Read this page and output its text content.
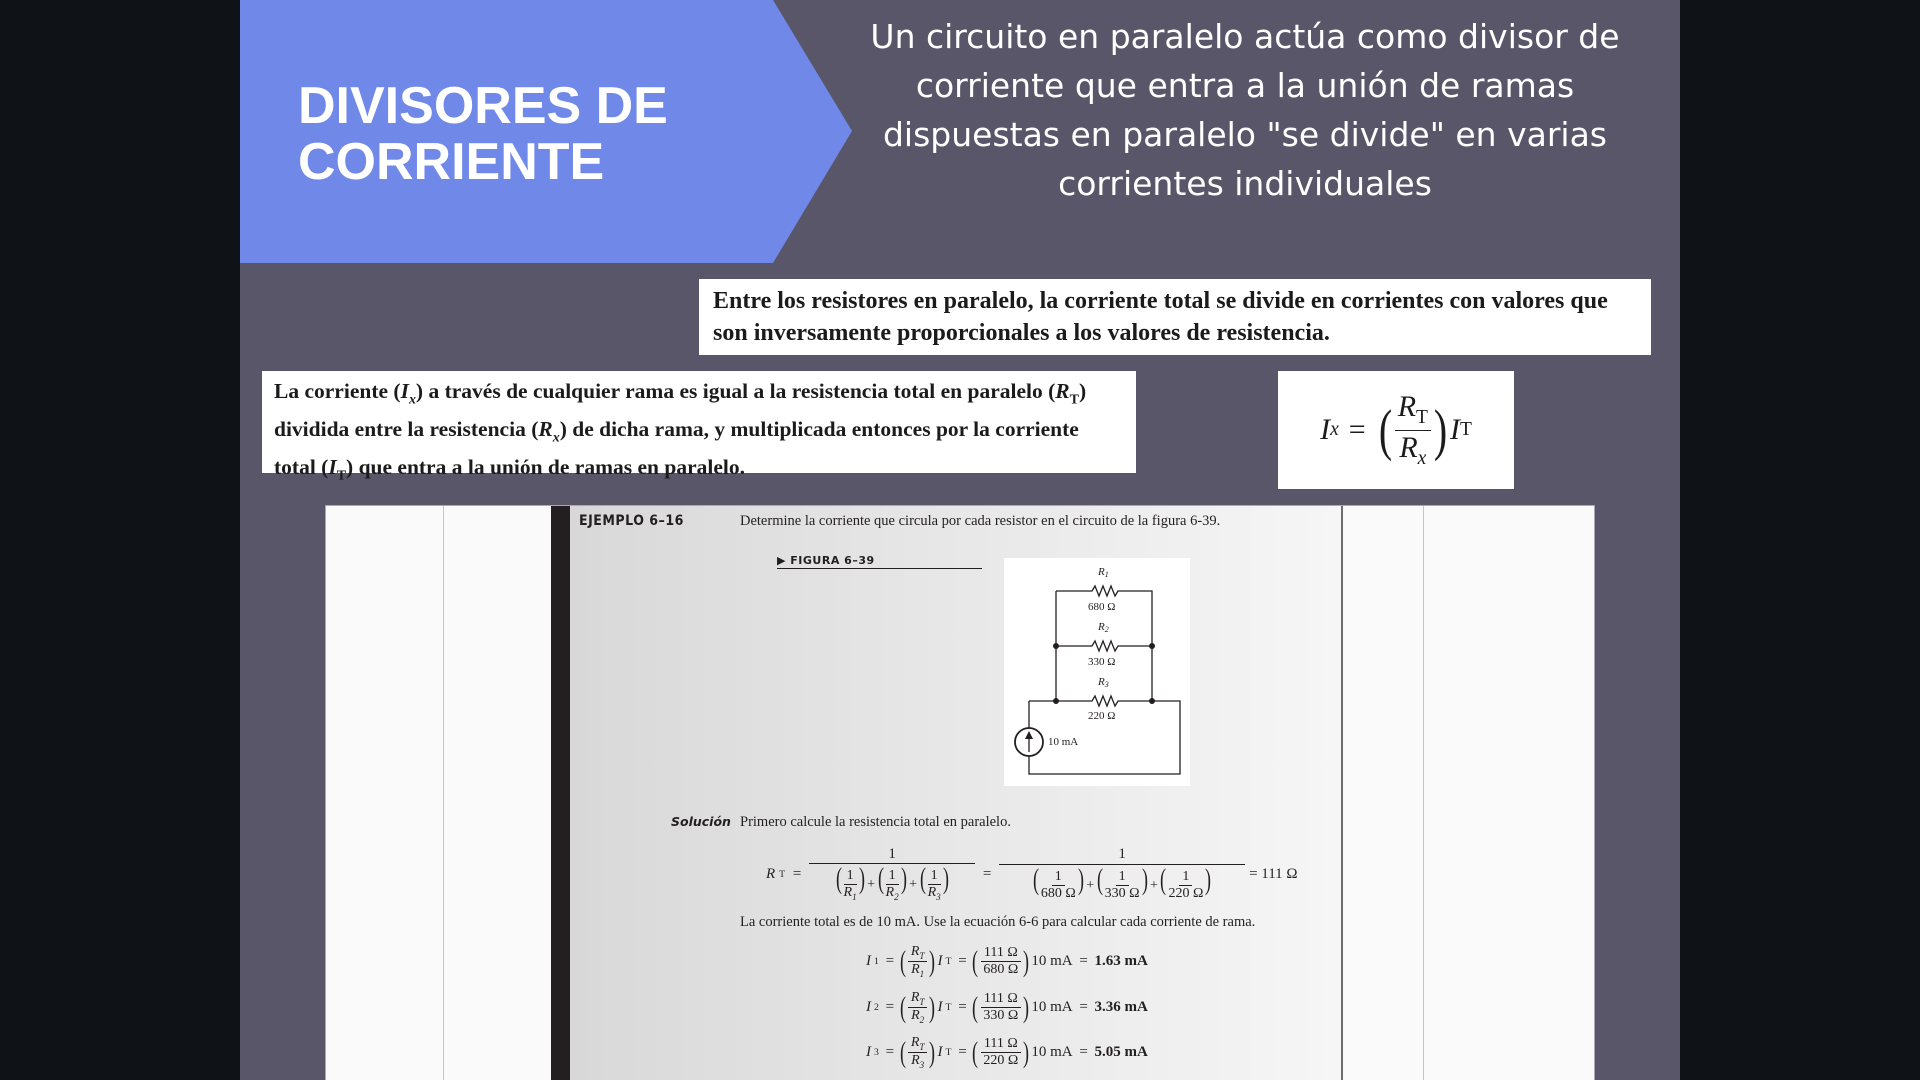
DIVISORES DE
CORRIENTE
Un circuito en paralelo actúa como divisor de corriente que entra a la unión de ramas dispuestas en paralelo "se divide" en varias corrientes individuales
Entre los resistores en paralelo, la corriente total se divide en corrientes con valores que son inversamente proporcionales a los valores de resistencia.
La corriente $(I_x)$ a través de cualquier rama es igual a la resistencia total en paralelo $(R_T)$ dividida entre la resistencia $(R_x)$ de dicha rama, y multiplicada entonces por la corriente total $(I_T)$ que entra a la unión de ramas en paralelo.
I x = ( $\frac{R_T}{R_x}$ ) I T
EJEMPLO 6–16	Determine la corriente que circula por cada resistor en el circuito de la figura 6-39.
▶ FIGURA 6–39
R1
680 Ω
R2
330 Ω
R3
220 Ω
10 mA
Solución Primero calcule la resistencia total en paralelo.
R $T = \frac{1}{( \frac{1}{R_1} ) + ( \frac{1}{R_2} ) + ( \frac{1}{R_3} )} = \frac{1}{( \frac{1}{680 \Omega} ) + ( \frac{1}{330 \Omega} ) + ( \frac{1}{220 \Omega} )} = 111$ Ω
La corriente total es de 10 mA. Use la ecuación 6-6 para calcular cada corriente de rama.
I 1 = ( $\frac{R_T}{R_1}$ ) I T = ( $\frac{111 \Omega}{680 \Omega}$ ) 10 mA = 1.63 mA
I 2 = ( $\frac{R_T}{R_2}$ ) I T = ( $\frac{111 \Omega}{330 \Omega}$ ) 10 mA = 3.36 mA
I 3 = ( $\frac{R_T}{R_3}$ ) I T = ( $\frac{111 \Omega}{220 \Omega}$ ) 10 mA = 5.05 mA
